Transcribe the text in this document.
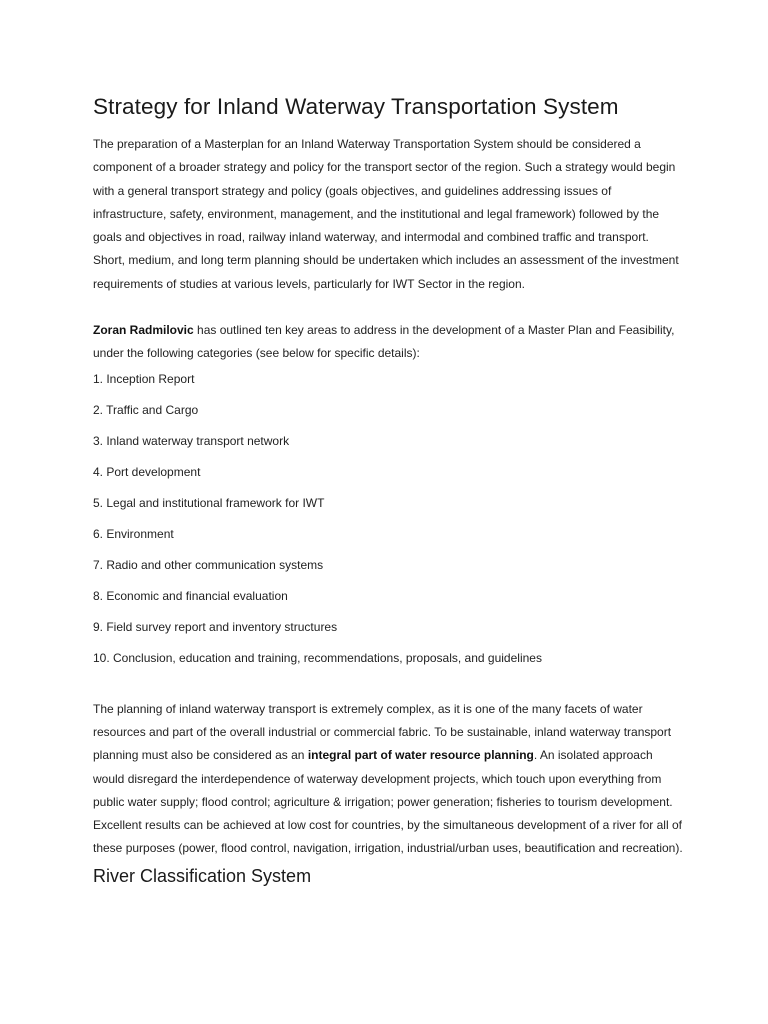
Strategy for Inland Waterway Transportation System

The preparation of a Masterplan for an Inland Waterway Transportation System should be considered a component of a broader strategy and policy for the transport sector of the region. Such a strategy would begin with a general transport strategy and policy (goals objectives, and guidelines addressing issues of infrastructure, safety, environment, management, and the institutional and legal framework) followed by the goals and objectives in road, railway inland waterway, and intermodal and combined traffic and transport. Short, medium, and long term planning should be undertaken which includes an assessment of the investment requirements of studies at various levels, particularly for IWT Sector in the region.

Zoran Radmilovic has outlined ten key areas to address in the development of a Master Plan and Feasibility, under the following categories (see below for specific details):

1. Inception Report
2. Traffic and Cargo
3. Inland waterway transport network
4. Port development
5. Legal and institutional framework for IWT
6. Environment
7. Radio and other communication systems
8. Economic and financial evaluation
9. Field survey report and inventory structures
10. Conclusion, education and training, recommendations, proposals, and guidelines

The planning of inland waterway transport is extremely complex, as it is one of the many facets of water resources and part of the overall industrial or commercial fabric. To be sustainable, inland waterway transport planning must also be considered as an integral part of water resource planning. An isolated approach would disregard the interdependence of waterway development projects, which touch upon everything from public water supply; flood control; agriculture & irrigation; power generation; fisheries to tourism development. Excellent results can be achieved at low cost for countries, by the simultaneous development of a river for all of these purposes (power, flood control, navigation, irrigation, industrial/urban uses, beautification and recreation).

River Classification System
